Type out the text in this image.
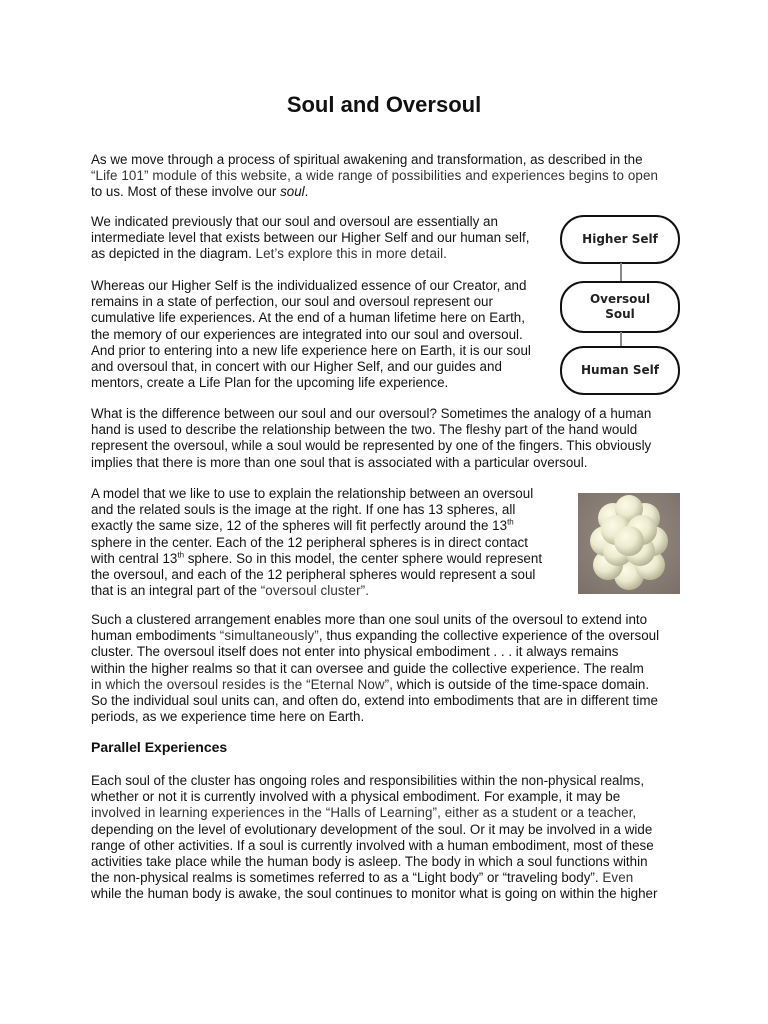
Soul and Oversoul

As we move through a process of spiritual awakening and transformation, as described in the
“Life 101” module of this website, a wide range of possibilities and experiences begins to open
to us. Most of these involve our soul.

We indicated previously that our soul and oversoul are essentially an
intermediate level that exists between our Higher Self and our human self,
as depicted in the diagram. Let’s explore this in more detail.

Whereas our Higher Self is the individualized essence of our Creator, and
remains in a state of perfection, our soul and oversoul represent our
cumulative life experiences. At the end of a human lifetime here on Earth,
the memory of our experiences are integrated into our soul and oversoul.
And prior to entering into a new life experience here on Earth, it is our soul
and oversoul that, in concert with our Higher Self, and our guides and
mentors, create a Life Plan for the upcoming life experience.

Higher Self
Oversoul
Soul
Human Self

What is the difference between our soul and our oversoul? Sometimes the analogy of a human
hand is used to describe the relationship between the two. The fleshy part of the hand would
represent the oversoul, while a soul would be represented by one of the fingers. This obviously
implies that there is more than one soul that is associated with a particular oversoul.

A model that we like to use to explain the relationship between an oversoul
and the related souls is the image at the right. If one has 13 spheres, all
exactly the same size, 12 of the spheres will fit perfectly around the 13th
sphere in the center. Each of the 12 peripheral spheres is in direct contact
with central 13th sphere. So in this model, the center sphere would represent
the oversoul, and each of the 12 peripheral spheres would represent a soul
that is an integral part of the “oversoul cluster”.

Such a clustered arrangement enables more than one soul units of the oversoul to extend into
human embodiments “simultaneously”, thus expanding the collective experience of the oversoul
cluster. The oversoul itself does not enter into physical embodiment . . . it always remains
within the higher realms so that it can oversee and guide the collective experience. The realm
in which the oversoul resides is the “Eternal Now”, which is outside of the time-space domain.
So the individual soul units can, and often do, extend into embodiments that are in different time
periods, as we experience time here on Earth.

Parallel Experiences

Each soul of the cluster has ongoing roles and responsibilities within the non-physical realms,
whether or not it is currently involved with a physical embodiment. For example, it may be
involved in learning experiences in the “Halls of Learning”, either as a student or a teacher,
depending on the level of evolutionary development of the soul. Or it may be involved in a wide
range of other activities. If a soul is currently involved with a human embodiment, most of these
activities take place while the human body is asleep. The body in which a soul functions within
the non-physical realms is sometimes referred to as a “Light body” or “traveling body”. Even
while the human body is awake, the soul continues to monitor what is going on within the higher
